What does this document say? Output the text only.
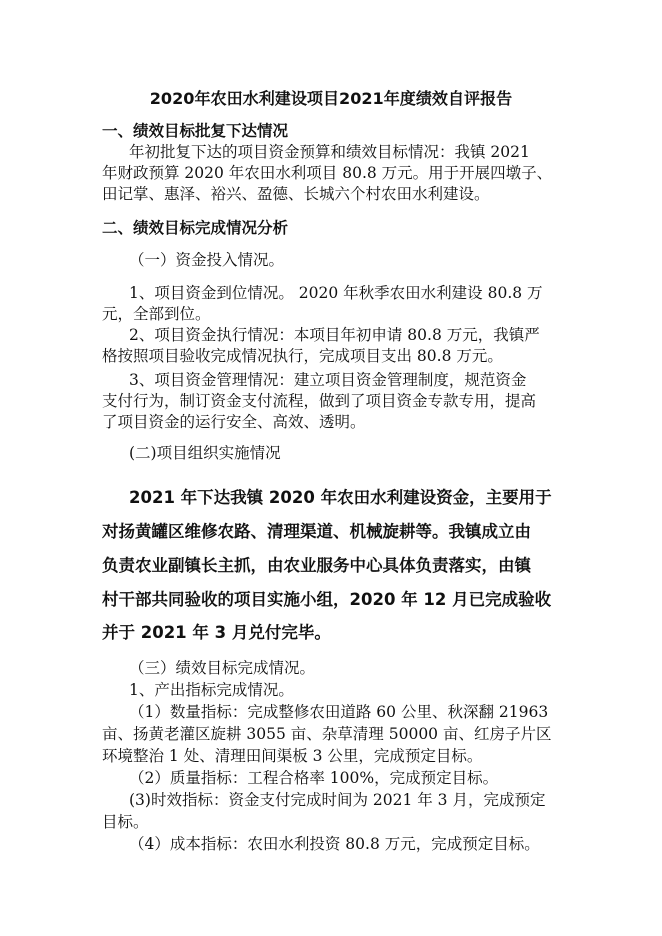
2020年农田水利建设项目2021年度绩效自评报告
一、绩效目标批复下达情况
年初批复下达的项目资金预算和绩效目标情况：我镇 2021
年财政预算 2020 年农田水利项目 80.8 万元。用于开展四墩子、
田记掌、惠泽、裕兴、盈德、长城六个村农田水利建设。
二、绩效目标完成情况分析
（一）资金投入情况。
1、项目资金到位情况。 2020 年秋季农田水利建设 80.8 万
元，全部到位。
2、项目资金执行情况：本项目年初申请 80.8 万元，我镇严
格按照项目验收完成情况执行，完成项目支出 80.8 万元。
3、项目资金管理情况：建立项目资金管理制度，规范资金
支付行为，制订资金支付流程，做到了项目资金专款专用，提高
了项目资金的运行安全、高效、透明。
(二)项目组织实施情况
2021 年下达我镇 2020 年农田水利建设资金，主要用于
对扬黄罐区维修农路、清理渠道、机械旋耕等。我镇成立由
负责农业副镇长主抓，由农业服务中心具体负责落实，由镇
村干部共同验收的项目实施小组，2020 年 12 月已完成验收
并于 2021 年 3 月兑付完毕。
（三）绩效目标完成情况。
1、产出指标完成情况。
（1）数量指标：完成整修农田道路 60 公里、秋深翻 21963
亩、扬黄老灌区旋耕 3055 亩、杂草清理 50000 亩、红房子片区
环境整治 1 处、清理田间渠板 3 公里，完成预定目标。
（2）质量指标：工程合格率 100%，完成预定目标。
(3)时效指标：资金支付完成时间为 2021 年 3 月，完成预定
目标。
（4）成本指标：农田水利投资 80.8 万元，完成预定目标。
